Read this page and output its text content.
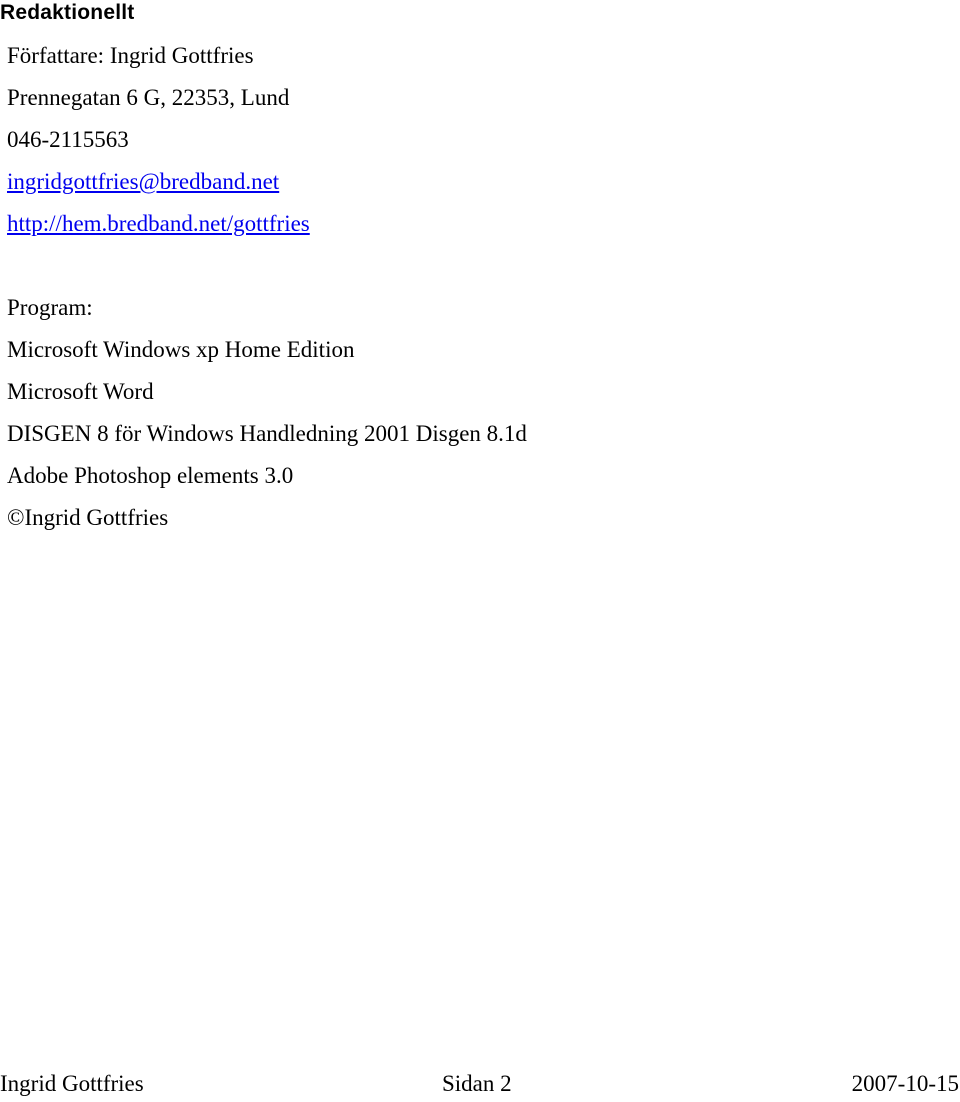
Redaktionellt
Författare: Ingrid Gottfries
Prennegatan 6 G, 22353, Lund
046-2115563
ingridgottfries@bredband.net
http://hem.bredband.net/gottfries
Program:
Microsoft Windows xp Home Edition
Microsoft Word
DISGEN 8 för Windows Handledning 2001 Disgen 8.1d
Adobe Photoshop elements 3.0
©Ingrid Gottfries
Ingrid Gottfries	Sidan 2	2007-10-15
